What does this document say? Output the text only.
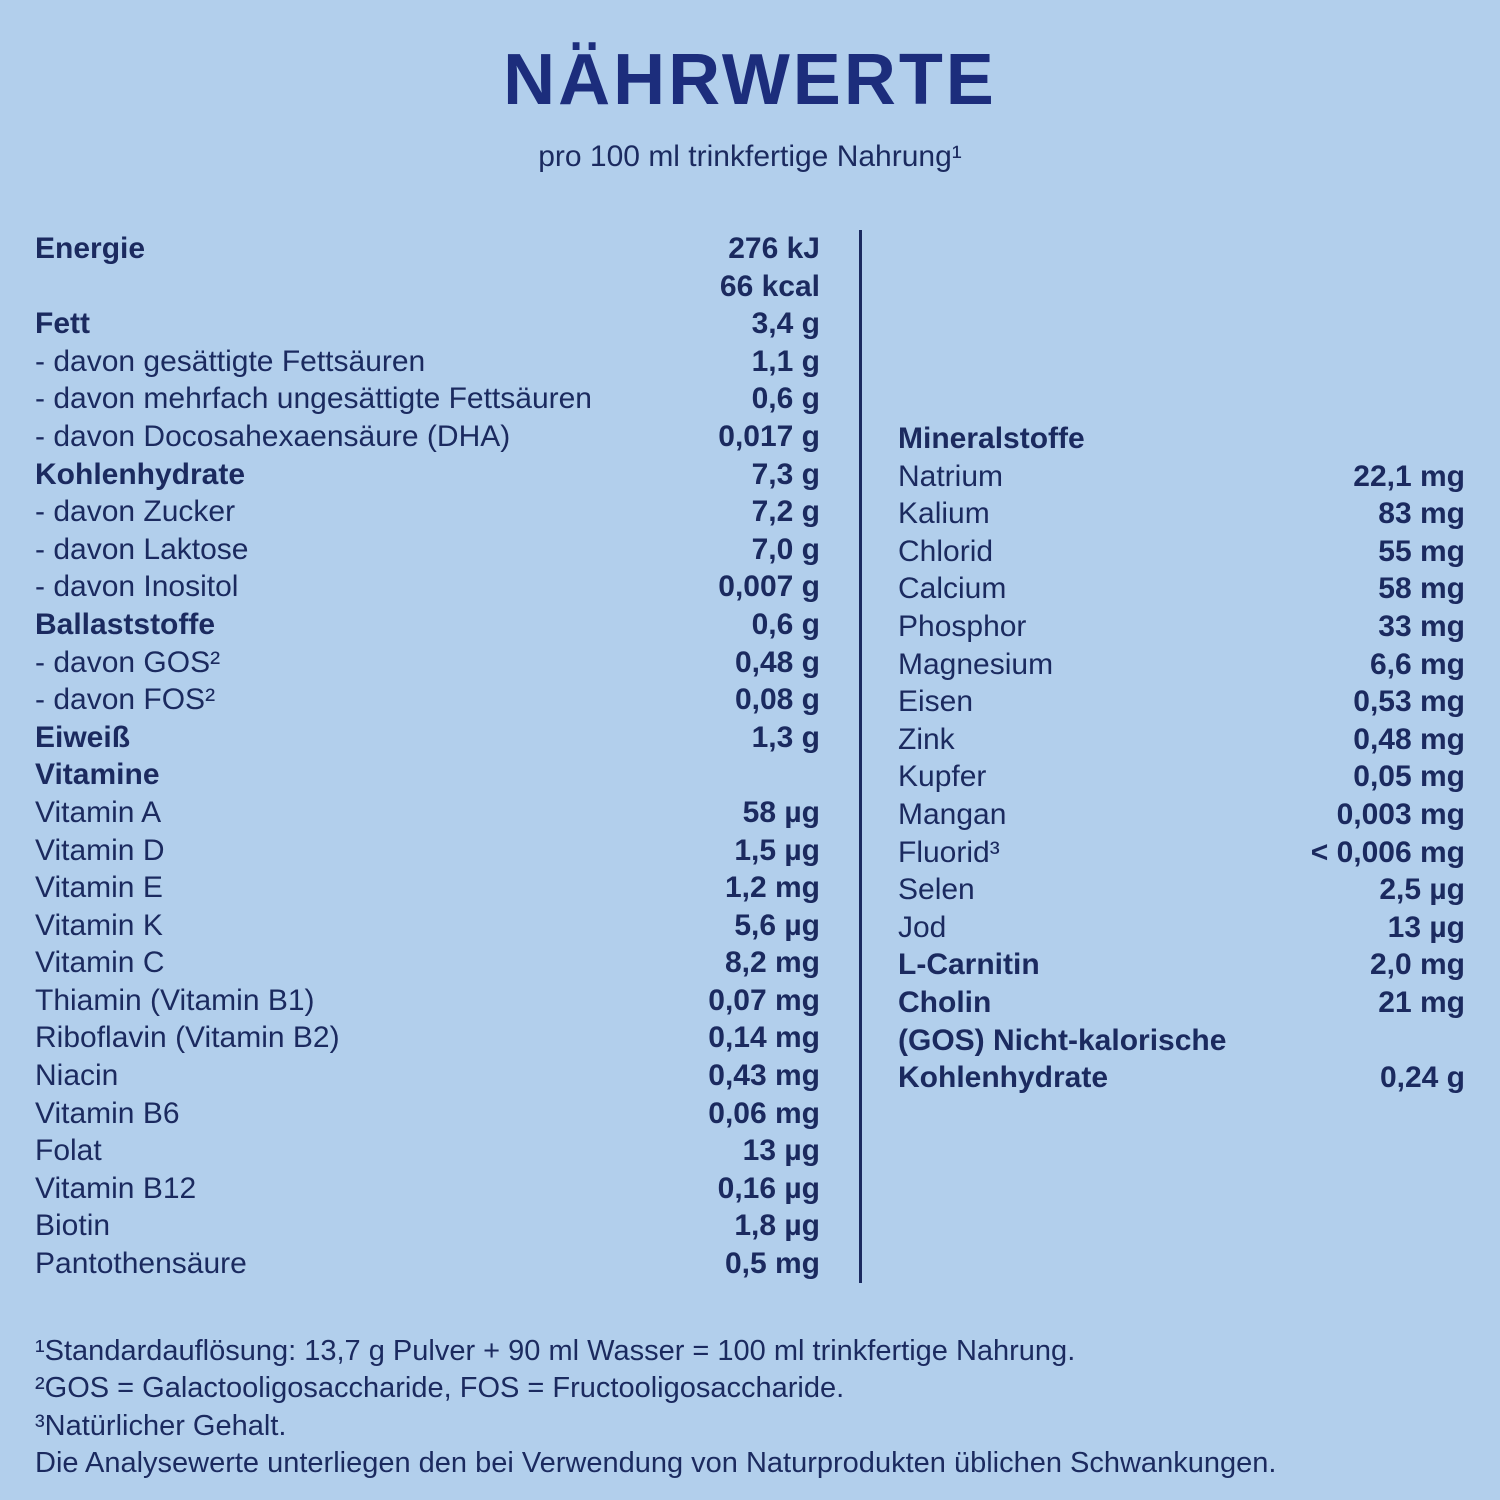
NÄHRWERTE
pro 100 ml trinkfertige Nahrung¹
Energie	276 kJ
66 kcal
Fett	3,4 g
- davon gesättigte Fettsäuren	1,1 g
- davon mehrfach ungesättigte Fettsäuren	0,6 g
- davon Docosahexaensäure (DHA)	0,017 g
Kohlenhydrate	7,3 g
- davon Zucker	7,2 g
- davon Laktose	7,0 g
- davon Inositol	0,007 g
Ballaststoffe	0,6 g
- davon GOS²	0,48 g
- davon FOS²	0,08 g
Eiweiß	1,3 g
Vitamine
Vitamin A	58 µg
Vitamin D	1,5 µg
Vitamin E	1,2 mg
Vitamin K	5,6 µg
Vitamin C	8,2 mg
Thiamin (Vitamin B1)	0,07 mg
Riboflavin (Vitamin B2)	0,14 mg
Niacin	0,43 mg
Vitamin B6	0,06 mg
Folat	13 µg
Vitamin B12	0,16 µg
Biotin	1,8 µg
Pantothensäure	0,5 mg
Mineralstoffe
Natrium	22,1 mg
Kalium	83 mg
Chlorid	55 mg
Calcium	58 mg
Phosphor	33 mg
Magnesium	6,6 mg
Eisen	0,53 mg
Zink	0,48 mg
Kupfer	0,05 mg
Mangan	0,003 mg
Fluorid³	< 0,006 mg
Selen	2,5 µg
Jod	13 µg
L-Carnitin	2,0 mg
Cholin	21 mg
(GOS) Nicht-kalorische
Kohlenhydrate	0,24 g
¹Standardauflösung: 13,7 g Pulver + 90 ml Wasser = 100 ml trinkfertige Nahrung.
²GOS = Galactooligosaccharide, FOS = Fructooligosaccharide.
³Natürlicher Gehalt.
Die Analysewerte unterliegen den bei Verwendung von Naturprodukten üblichen Schwankungen.
